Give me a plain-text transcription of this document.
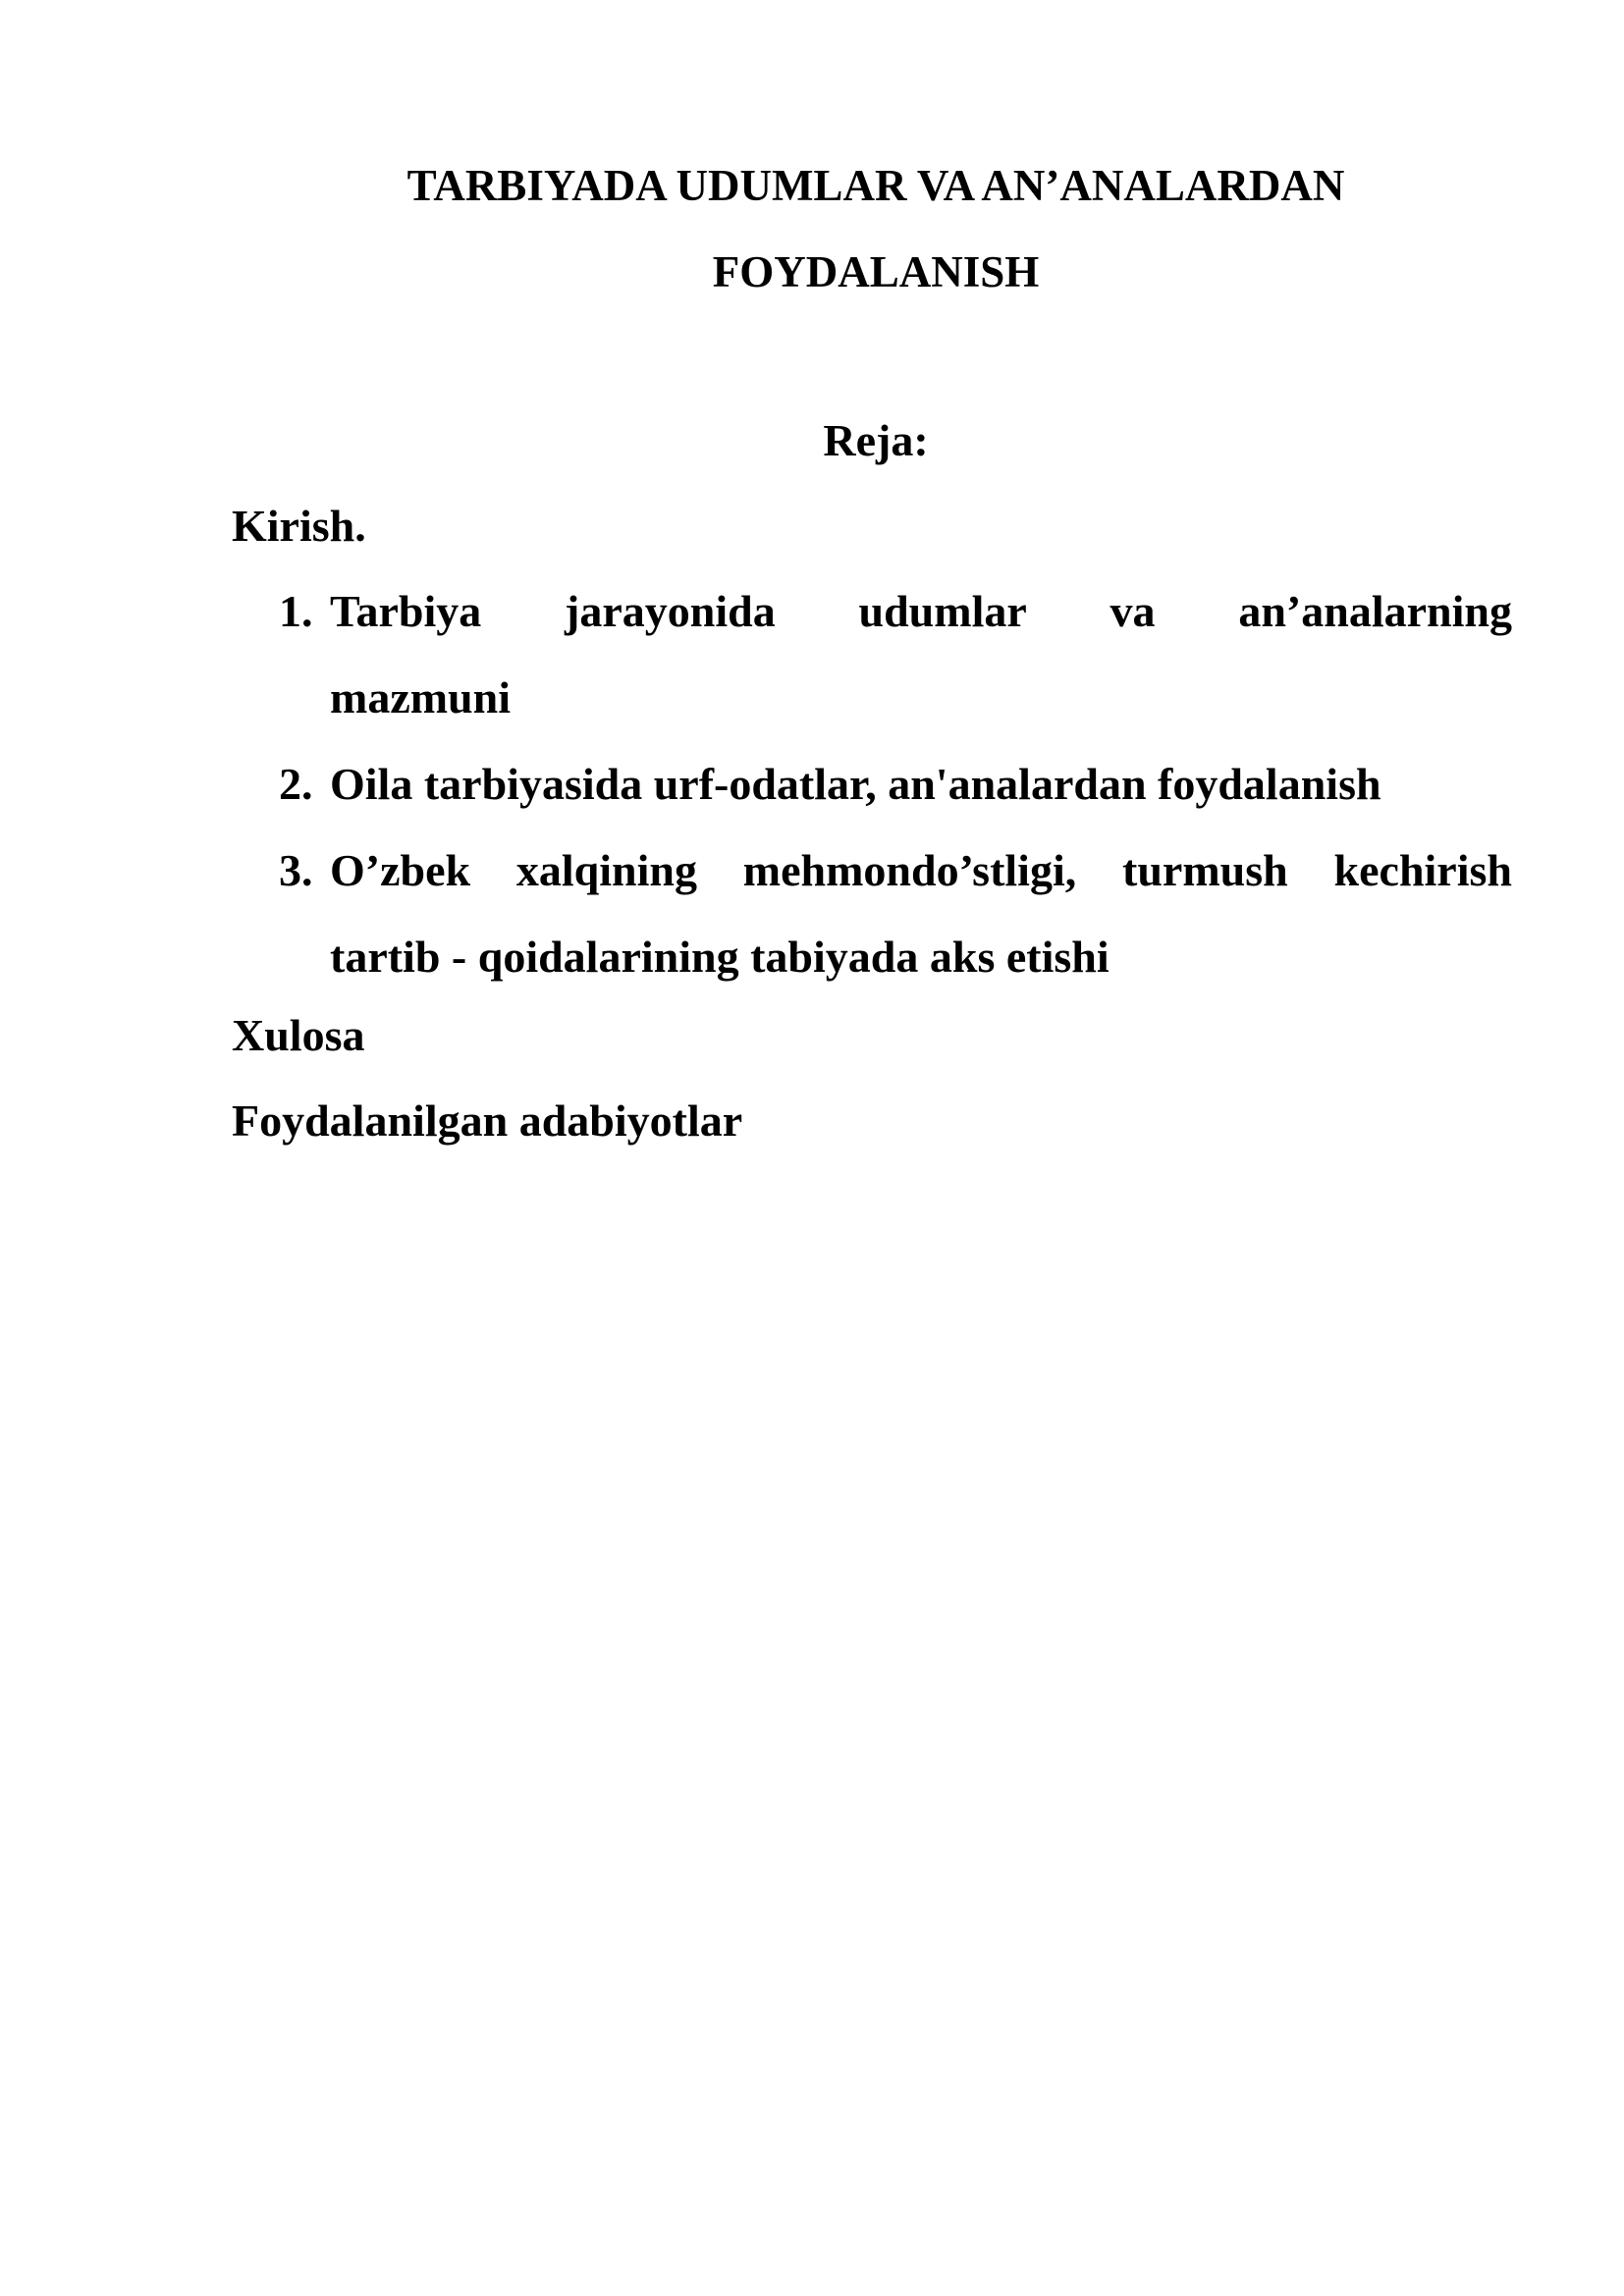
TARBIYADA UDUMLAR VA AN’ANALARDAN
FOYDALANISH

Reja:

Kirish.

1. Tarbiya jarayonida udumlar va an’analarning
mazmuni
2. Oila tarbiyasida urf-odatlar, an'analardan foydalanish
3. O’zbek xalqining mehmondo’stligi, turmush kechirish
tartib - qoidalarining tabiyada aks etishi

Xulosa

Foydalanilgan adabiyotlar
